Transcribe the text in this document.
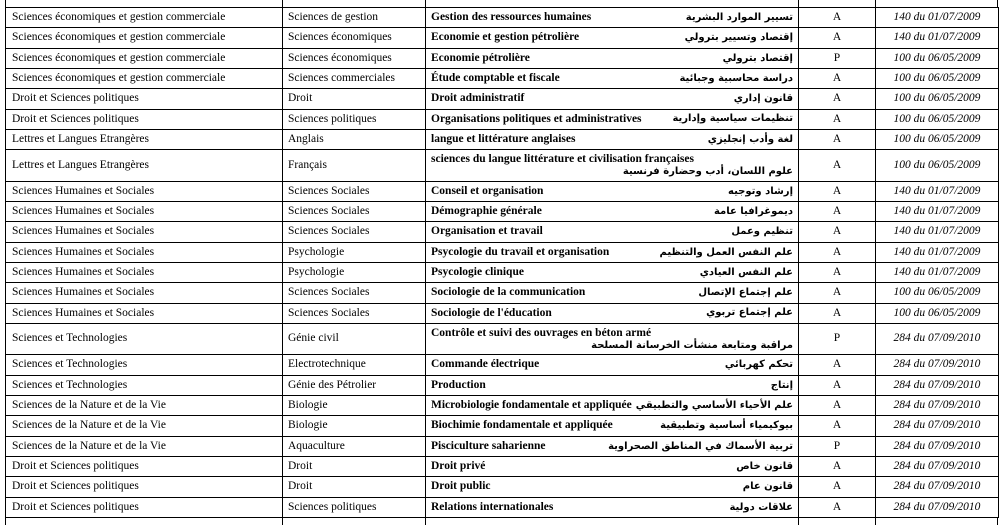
Sciences économiques et gestion commerciale	Sciences de gestion	Gestion des ressources humaines تسيير الموارد البشرية	A	140 du 01/07/2009
Sciences économiques et gestion commerciale	Sciences économiques	Economie et gestion pétrolière إقتصاد وتسيير بترولي	A	140 du 01/07/2009
Sciences économiques et gestion commerciale	Sciences économiques	Economie pétrolière إقتصاد بترولي	P	100 du 06/05/2009
Sciences économiques et gestion commerciale	Sciences commerciales	Étude comptable et fiscale دراسة محاسبية وجبائية	A	100 du 06/05/2009
Droit et Sciences politiques	Droit	Droit administratif قانون إداري	A	100 du 06/05/2009
Droit et Sciences politiques	Sciences politiques	Organisations politiques et administratives تنظيمات سياسية وإدارية	A	100 du 06/05/2009
Lettres et Langues Etrangères	Anglais	langue et littérature anglaises لغة وأدب إنجليزي	A	100 du 06/05/2009
Lettres et Langues Etrangères	Français	sciences du langue littérature et civilisation françaises
علوم اللسان، أدب وحضارة فرنسية	A	100 du 06/05/2009
Sciences Humaines et Sociales	Sciences Sociales	Conseil et organisation إرشاد وتوجيه	A	140 du 01/07/2009
Sciences Humaines et Sociales	Sciences Sociales	Démographie générale ديموغرافيا عامة	A	140 du 01/07/2009
Sciences Humaines et Sociales	Sciences Sociales	Organisation et travail تنظيم وعمل	A	140 du 01/07/2009
Sciences Humaines et Sociales	Psychologie	Psycologie du travail et organisation علم النفس العمل والتنظيم	A	140 du 01/07/2009
Sciences Humaines et Sociales	Psychologie	Psycologie clinique علم النفس العيادي	A	140 du 01/07/2009
Sciences Humaines et Sociales	Sciences Sociales	Sociologie de la communication علم إجتماع الإتصال	A	100 du 06/05/2009
Sciences Humaines et Sociales	Sciences Sociales	Sociologie de l'éducation علم إجتماع تربوي	A	100 du 06/05/2009
Sciences et Technologies	Génie civil	Contrôle et suivi des ouvrages en béton armé
مراقبة ومتابعة منشأت الخرسانة المسلحة	P	284 du 07/09/2010
Sciences et Technologies	Electrotechnique	Commande électrique تحكم كهربائي	A	284 du 07/09/2010
Sciences et Technologies	Génie des Pétrolier	Production إنتاج	A	284 du 07/09/2010
Sciences de la Nature et de la Vie	Biologie	Microbiologie fondamentale et appliquée علم الأحياء الأساسي والتطبيقي	A	284 du 07/09/2010
Sciences de la Nature et de la Vie	Biologie	Biochimie fondamentale et appliquée بيوكيمياء أساسية وتطبيقية	A	284 du 07/09/2010
Sciences de la Nature et de la Vie	Aquaculture	Pisciculture saharienne تربية الأسماك في المناطق الصحراوية	P	284 du 07/09/2010
Droit et Sciences politiques	Droit	Droit privé قانون خاص	A	284 du 07/09/2010
Droit et Sciences politiques	Droit	Droit public قانون عام	A	284 du 07/09/2010
Droit et Sciences politiques	Sciences politiques	Relations internationales علاقات دولية	A	284 du 07/09/2010
